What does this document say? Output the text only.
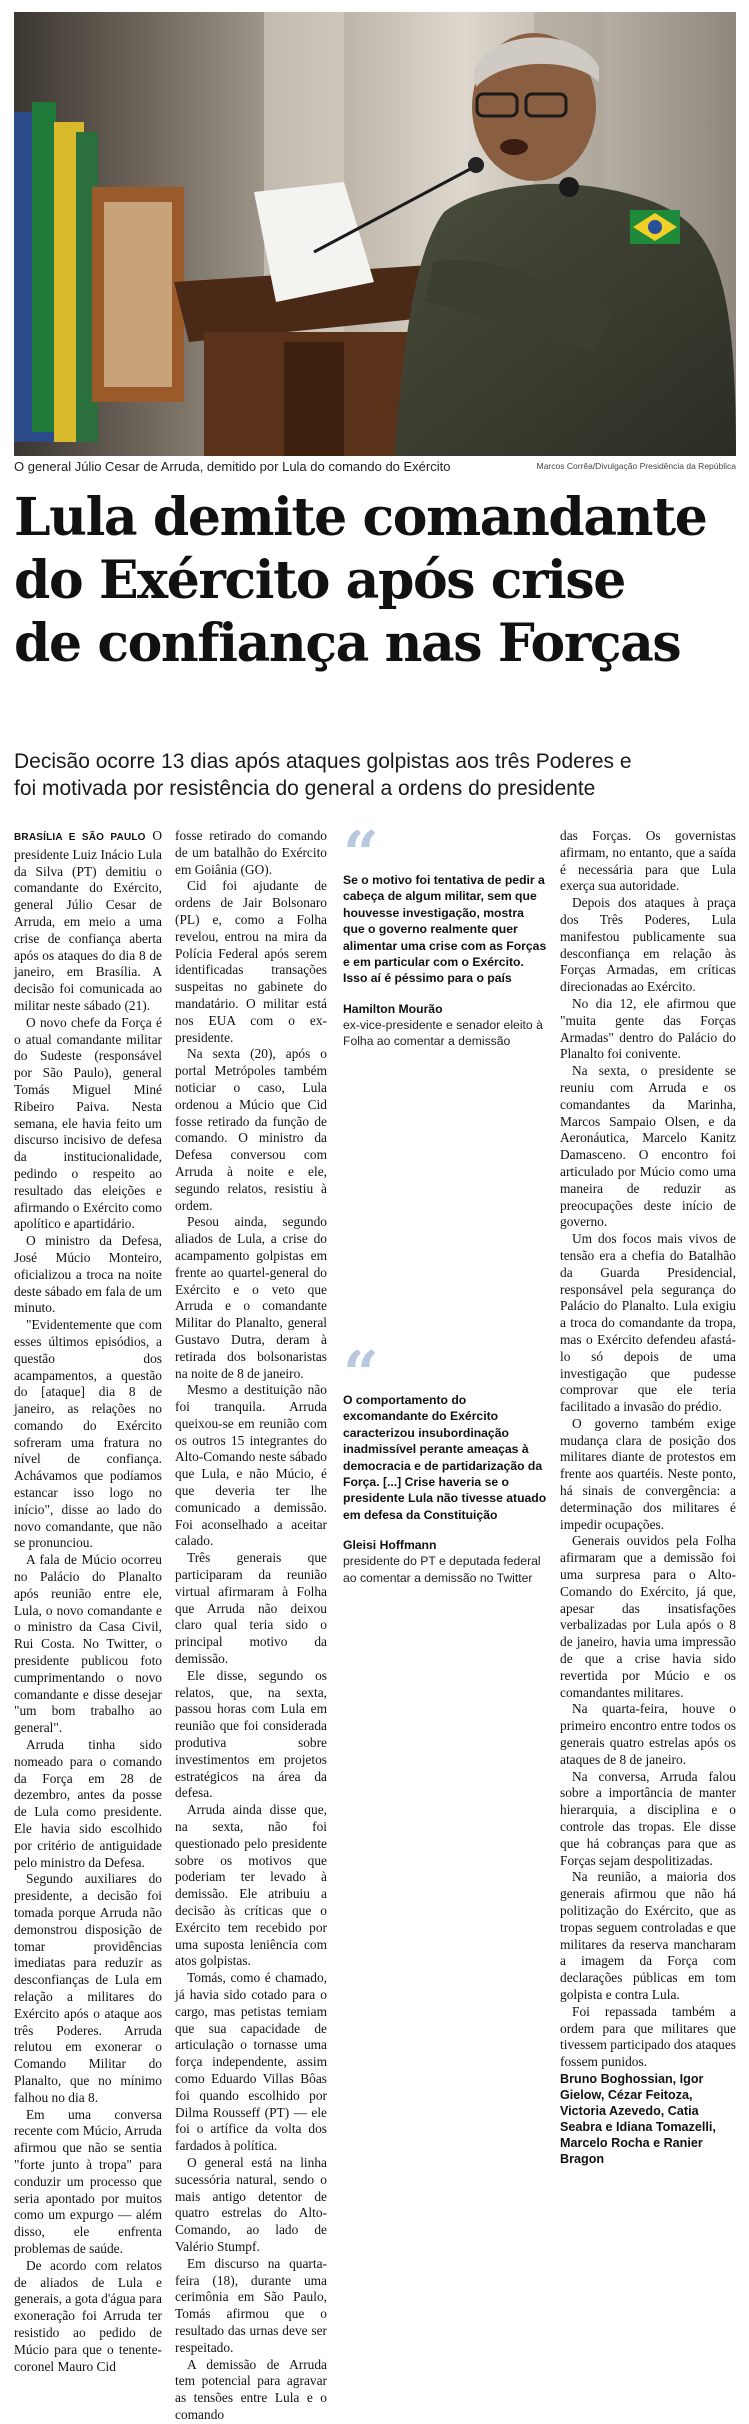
O general Júlio Cesar de Arruda, demitido por Lula do comando do Exército	Marcos Corrêa/Divulgação Presidência da República
Lula demite comandante
do Exército após crise
de confiança nas Forças

Decisão ocorre 13 dias após ataques golpistas aos três Poderes e
foi motivada por resistência do general a ordens do presidente

BRASÍLIA E SÃO PAULO O presidente Luiz Inácio Lula da Silva (PT) demitiu o comandante do Exército, general Júlio Cesar de Arruda, em meio a uma crise de confiança aberta após os ataques do dia 8 de janeiro, em Brasília. A decisão foi comunicada ao militar neste sábado (21).

O novo chefe da Força é o atual comandante militar do Sudeste (responsável por São Paulo), general Tomás Miguel Miné Ribeiro Paiva. Nesta semana, ele havia feito um discurso incisivo de defesa da institucionalidade, pedindo o respeito ao resultado das eleições e afirmando o Exército como apolítico e apartidário.

O ministro da Defesa, José Múcio Monteiro, oficializou a troca na noite deste sábado em fala de um minuto.

"Evidentemente que com esses últimos episódios, a questão dos acampamentos, a questão do [ataque] dia 8 de janeiro, as relações no comando do Exército sofreram uma fratura no nível de confiança. Achávamos que podíamos estancar isso logo no início", disse ao lado do novo comandante, que não se pronunciou.

A fala de Múcio ocorreu no Palácio do Planalto após reunião entre ele, Lula, o novo comandante e o ministro da Casa Civil, Rui Costa. No Twitter, o presidente publicou foto cumprimentando o novo comandante e disse desejar "um bom trabalho ao general".

Arruda tinha sido nomeado para o comando da Força em 28 de dezembro, antes da posse de Lula como presidente. Ele havia sido escolhido por critério de antiguidade pelo ministro da Defesa.

Segundo auxiliares do presidente, a decisão foi tomada porque Arruda não demonstrou disposição de tomar providências imediatas para reduzir as desconfianças de Lula em relação a militares do Exército após o ataque aos três Poderes. Arruda relutou em exonerar o Comando Militar do Planalto, que no mínimo falhou no dia 8.

Em uma conversa recente com Múcio, Arruda afirmou que não se sentia "forte junto à tropa" para conduzir um processo que seria apontado por muitos como um expurgo — além disso, ele enfrenta problemas de saúde.

De acordo com relatos de aliados de Lula e generais, a gota d'água para exoneração foi Arruda ter resistido ao pedido de Múcio para que o tenente-coronel Mauro Cid

fosse retirado do comando de um batalhão do Exército em Goiânia (GO).

Cid foi ajudante de ordens de Jair Bolsonaro (PL) e, como a Folha revelou, entrou na mira da Polícia Federal após serem identificadas transações suspeitas no gabinete do mandatário. O militar está nos EUA com o ex-presidente.

Na sexta (20), após o portal Metrópoles também noticiar o caso, Lula ordenou a Múcio que Cid fosse retirado da função de comando. O ministro da Defesa conversou com Arruda à noite e ele, segundo relatos, resistiu à ordem.

Pesou ainda, segundo aliados de Lula, a crise do acampamento golpistas em frente ao quartel-general do Exército e o veto que Arruda e o comandante Militar do Planalto, general Gustavo Dutra, deram à retirada dos bolsonaristas na noite de 8 de janeiro.

Mesmo a destituição não foi tranquila. Arruda queixou-se em reunião com os outros 15 integrantes do Alto-Comando neste sábado que Lula, e não Múcio, é que deveria ter lhe comunicado a demissão. Foi aconselhado a aceitar calado.

Três generais que participaram da reunião virtual afirmaram à Folha que Arruda não deixou claro qual teria sido o principal motivo da demissão.

Ele disse, segundo os relatos, que, na sexta, passou horas com Lula em reunião que foi considerada produtiva sobre investimentos em projetos estratégicos na área da defesa.

Arruda ainda disse que, na sexta, não foi questionado pelo presidente sobre os motivos que poderiam ter levado à demissão. Ele atribuiu a decisão às críticas que o Exército tem recebido por uma suposta leniência com atos golpistas.

Tomás, como é chamado, já havia sido cotado para o cargo, mas petistas temiam que sua capacidade de articulação o tornasse uma força independente, assim como Eduardo Villas Bôas foi quando escolhido por Dilma Rousseff (PT) — ele foi o artífice da volta dos fardados à política.

O general está na linha sucessória natural, sendo o mais antigo detentor de quatro estrelas do Alto-Comando, ao lado de Valério Stumpf.

Em discurso na quarta-feira (18), durante uma cerimônia em São Paulo, Tomás afirmou que o resultado das urnas deve ser respeitado.

A demissão de Arruda tem potencial para agravar as tensões entre Lula e o comando

“
Se o motivo foi tentativa de pedir a cabeça de algum militar, sem que houvesse investigação, mostra que o governo realmente quer alimentar uma crise com as Forças e em particular com o Exército. Isso aí é péssimo para o país
Hamilton Mourão
ex-vice-presidente e senador eleito à Folha ao comentar a demissão
“
O comportamento do excomandante do Exército caracterizou insubordinação inadmissível perante ameaças à democracia e de partidarização da Força. [...] Crise haveria se o presidente Lula não tivesse atuado em defesa da Constituição
Gleisi Hoffmann
presidente do PT e deputada federal ao comentar a demissão no Twitter

das Forças. Os governistas afirmam, no entanto, que a saída é necessária para que Lula exerça sua autoridade.

Depois dos ataques à praça dos Três Poderes, Lula manifestou publicamente sua desconfiança em relação às Forças Armadas, em críticas direcionadas ao Exército.

No dia 12, ele afirmou que "muita gente das Forças Armadas" dentro do Palácio do Planalto foi conivente.

Na sexta, o presidente se reuniu com Arruda e os comandantes da Marinha, Marcos Sampaio Olsen, e da Aeronáutica, Marcelo Kanitz Damasceno. O encontro foi articulado por Múcio como uma maneira de reduzir as preocupações deste início de governo.

Um dos focos mais vivos de tensão era a chefia do Batalhão da Guarda Presidencial, responsável pela segurança do Palácio do Planalto. Lula exigiu a troca do comandante da tropa, mas o Exército defendeu afastá-lo só depois de uma investigação que pudesse comprovar que ele teria facilitado a invasão do prédio.

O governo também exige mudança clara de posição dos militares diante de protestos em frente aos quartéis. Neste ponto, há sinais de convergência: a determinação dos militares é impedir ocupações.

Generais ouvidos pela Folha afirmaram que a demissão foi uma surpresa para o Alto-Comando do Exército, já que, apesar das insatisfações verbalizadas por Lula após o 8 de janeiro, havia uma impressão de que a crise havia sido revertida por Múcio e os comandantes militares.

Na quarta-feira, houve o primeiro encontro entre todos os generais quatro estrelas após os ataques de 8 de janeiro.

Na conversa, Arruda falou sobre a importância de manter hierarquia, a disciplina e o controle das tropas. Ele disse que há cobranças para que as Forças sejam despolitizadas.

Na reunião, a maioria dos generais afirmou que não há politização do Exército, que as tropas seguem controladas e que militares da reserva mancharam a imagem da Força com declarações públicas em tom golpista e contra Lula.

Foi repassada também a ordem para que militares que tivessem participado dos ataques fossem punidos.

Bruno Boghossian, Igor Gielow, Cézar Feitoza, Victoria Azevedo, Catia Seabra e Idiana Tomazelli, Marcelo Rocha e Ranier Bragon
